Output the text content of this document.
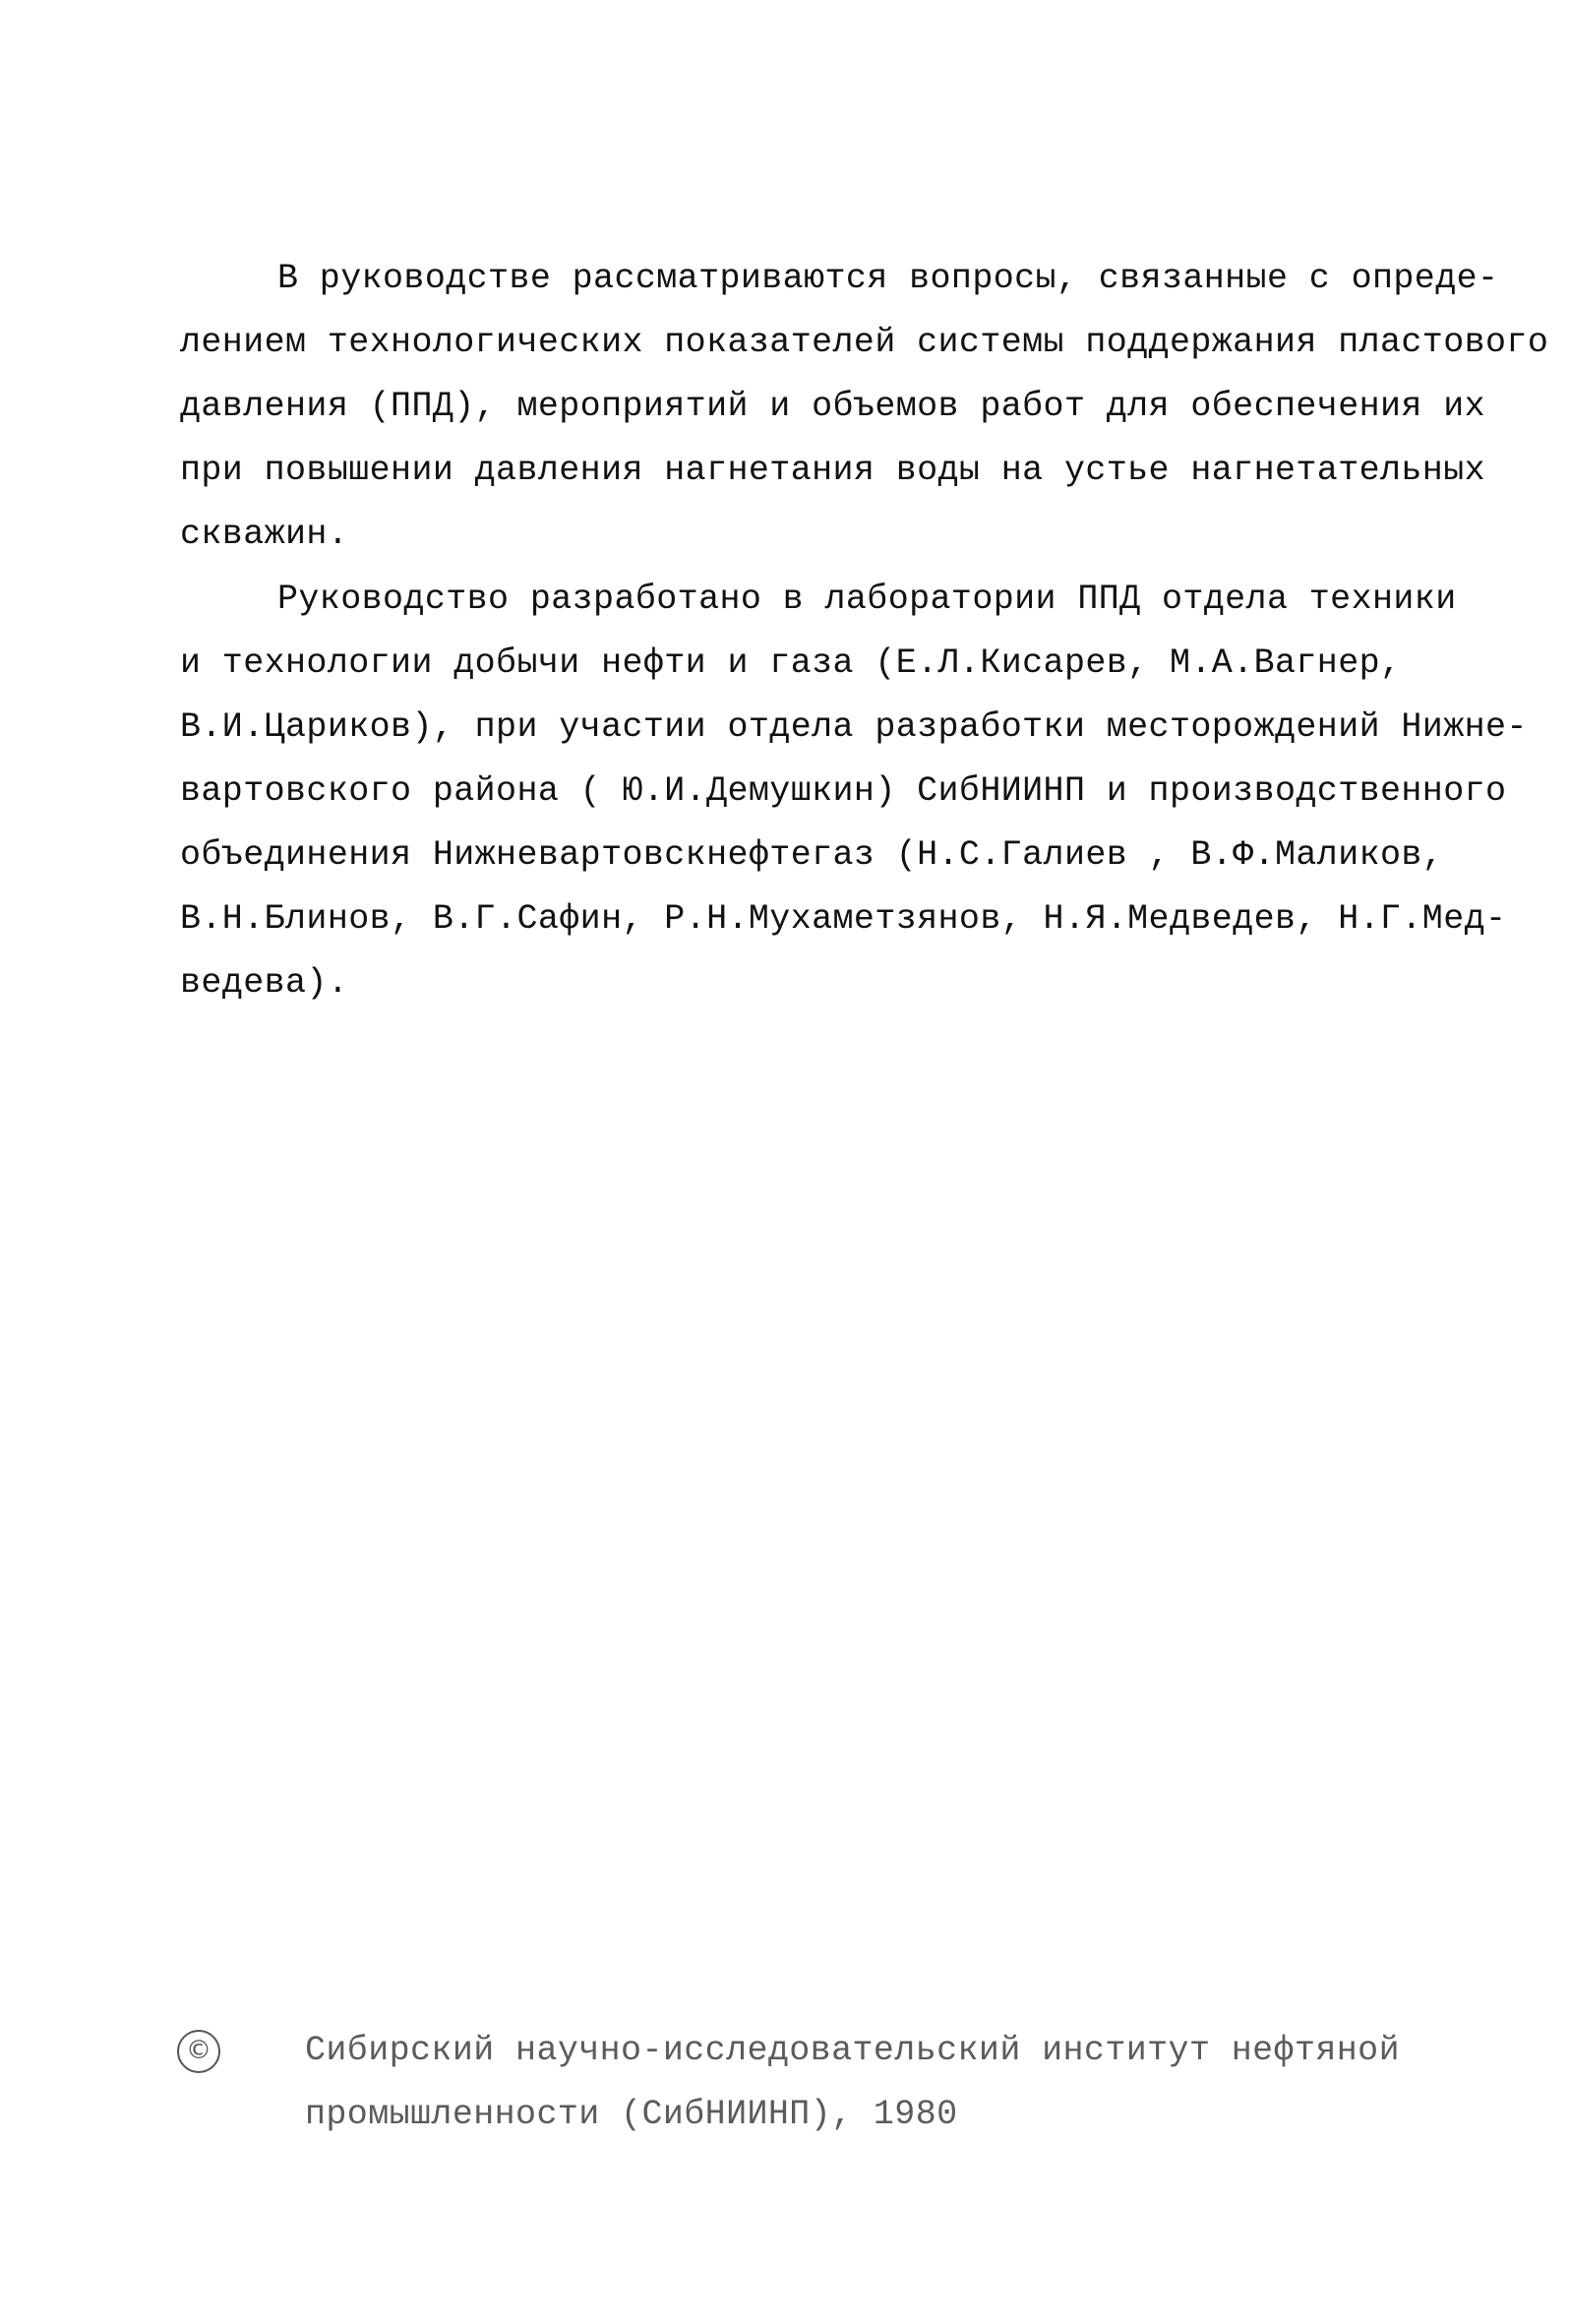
В руководстве рассматриваются вопросы, связанные с опреде-
лением технологических показателей системы поддержания пластового
давления (ППД), мероприятий и объемов работ для обеспечения их
при повышении давления нагнетания воды на устье нагнетательных
скважин.
Руководство разработано в лаборатории ППД отдела техники
и технологии добычи нефти и газа (Е.Л.Кисарев, М.А.Вагнер,
В.И.Цариков), при участии отдела разработки месторождений Нижне-
вартовского района ( Ю.И.Демушкин) СибНИИНП и производственного
объединения Нижневартовскнефтегаз (Н.С.Галиев , В.Ф.Маликов,
В.Н.Блинов, В.Г.Сафин, Р.Н.Мухаметзянов, Н.Я.Медведев, Н.Г.Мед-
ведева).
©	Сибирский научно-исследовательский институт нефтяной
промышленности (СибНИИНП), 1980
